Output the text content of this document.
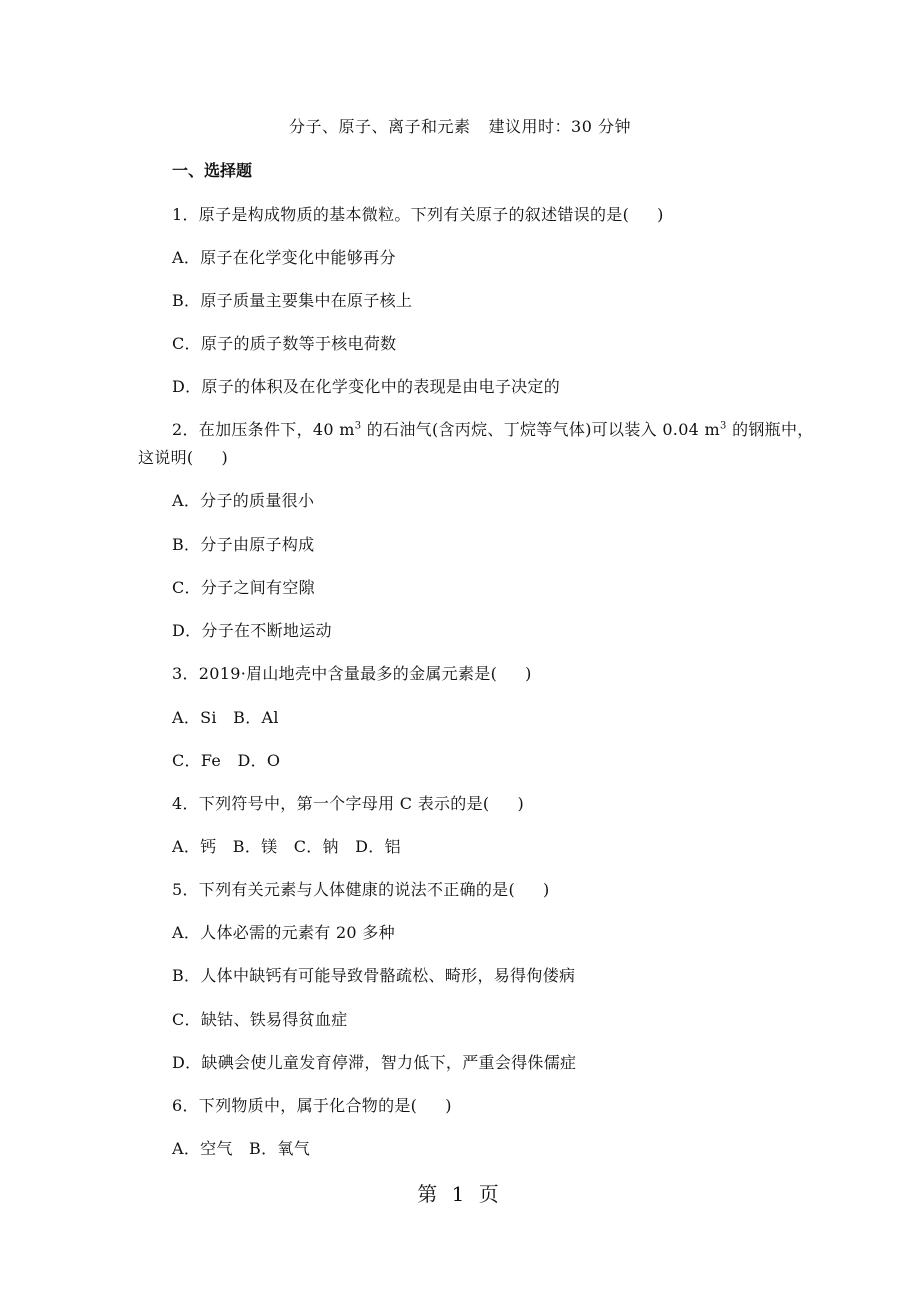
分子、原子、离子和元素 建议用时：30 分钟
一、选择题
1．原子是构成物质的基本微粒。下列有关原子的叙述错误的是( )
A．原子在化学变化中能够再分
B．原子质量主要集中在原子核上
C．原子的质子数等于核电荷数
D．原子的体积及在化学变化中的表现是由电子决定的
2．在加压条件下，40 $m^3$ 的石油气(含丙烷、丁烷等气体)可以装入 0.04 $m^3$ 的钢瓶中，
这说明( )
A．分子的质量很小
B．分子由原子构成
C．分子之间有空隙
D．分子在不断地运动
3．2019·眉山地壳中含量最多的金属元素是( )
A．Si　B．Al
C．Fe　D．O
4．下列符号中，第一个字母用 C 表示的是( )
A．钙　B．镁　C．钠　D．铝
5．下列有关元素与人体健康的说法不正确的是( )
A．人体必需的元素有 20 多种
B．人体中缺钙有可能导致骨骼疏松、畸形，易得佝偻病
C．缺钴、铁易得贫血症
D．缺碘会使儿童发育停滞，智力低下，严重会得侏儒症
6．下列物质中，属于化合物的是( )
A．空气　B．氧气
第 1 页
